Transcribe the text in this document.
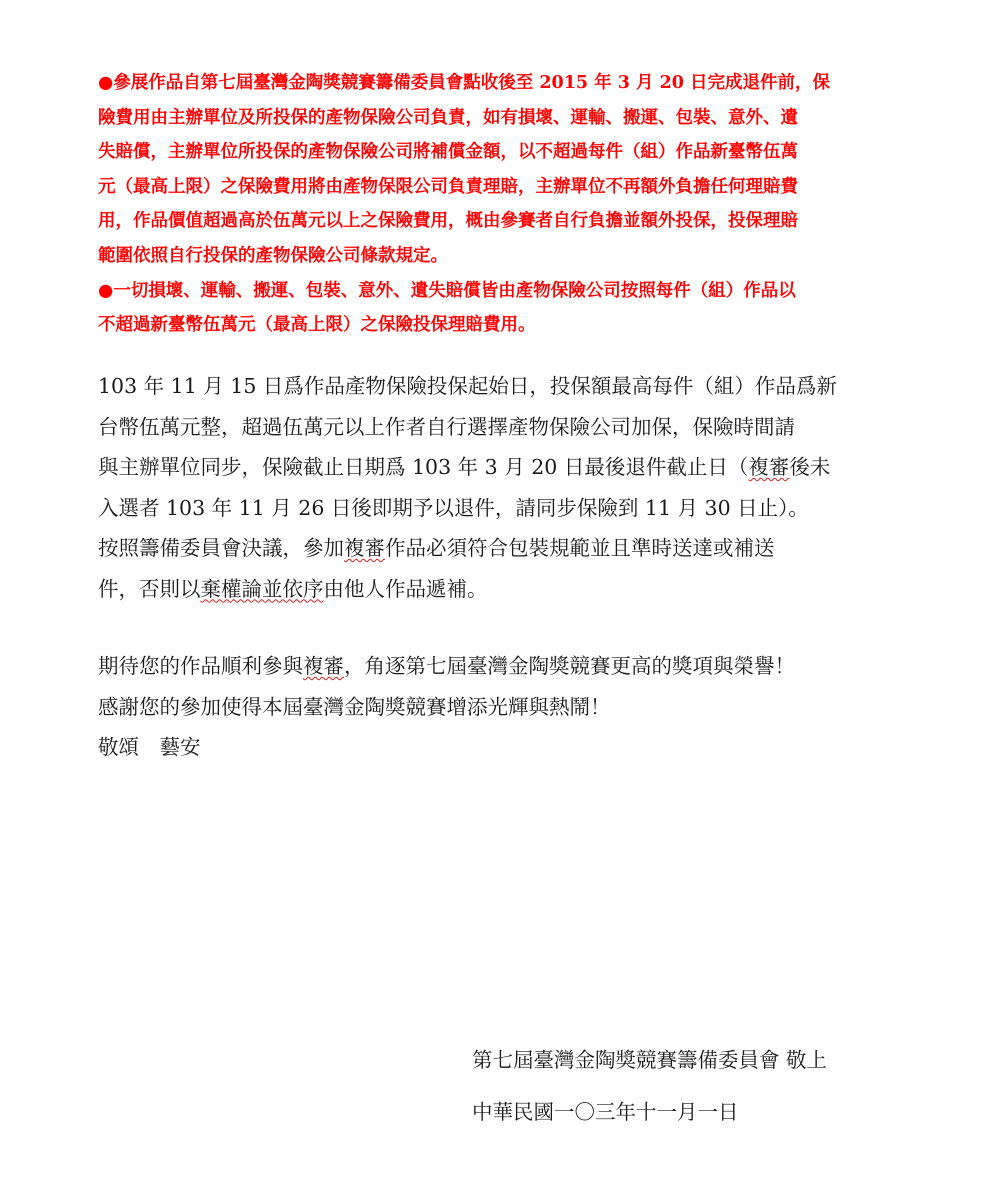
●參展作品自第七屆臺灣金陶獎競賽籌備委員會點收後至 2015 年 3 月 20 日完成退件前，保
險費用由主辦單位及所投保的產物保險公司負責，如有損壞、運輸、搬運、包裝、意外、遺
失賠償，主辦單位所投保的產物保險公司將補償金額，以不超過每件（組）作品新臺幣伍萬
元（最高上限）之保險費用將由產物保限公司負責理賠，主辦單位不再額外負擔任何理賠費
用，作品價值超過高於伍萬元以上之保險費用，概由參賽者自行負擔並額外投保，投保理賠
範圍依照自行投保的產物保險公司條款規定。

●一切損壞、運輸、搬運、包裝、意外、遺失賠償皆由產物保險公司按照每件（組）作品以
不超過新臺幣伍萬元（最高上限）之保險投保理賠費用。

103 年 11 月 15 日爲作品產物保險投保起始日，投保額最高每件（組）作品爲新
台幣伍萬元整，超過伍萬元以上作者自行選擇產物保險公司加保，保險時間請
與主辦單位同步，保險截止日期爲 103 年 3 月 20 日最後退件截止日（複審後未
入選者 103 年 11 月 26 日後即期予以退件，請同步保險到 11 月 30 日止）。
按照籌備委員會決議，參加複審作品必須符合包裝規範並且準時送達或補送
件，否則以棄權論並依序由他人作品遞補。
期待您的作品順利參與複審，角逐第七屆臺灣金陶獎競賽更高的獎項與榮譽！
感謝您的參加使得本屆臺灣金陶獎競賽增添光輝與熱鬧！
敬頌　藝安
第七屆臺灣金陶獎競賽籌備委員會 敬上
中華民國一〇三年十一月一日
